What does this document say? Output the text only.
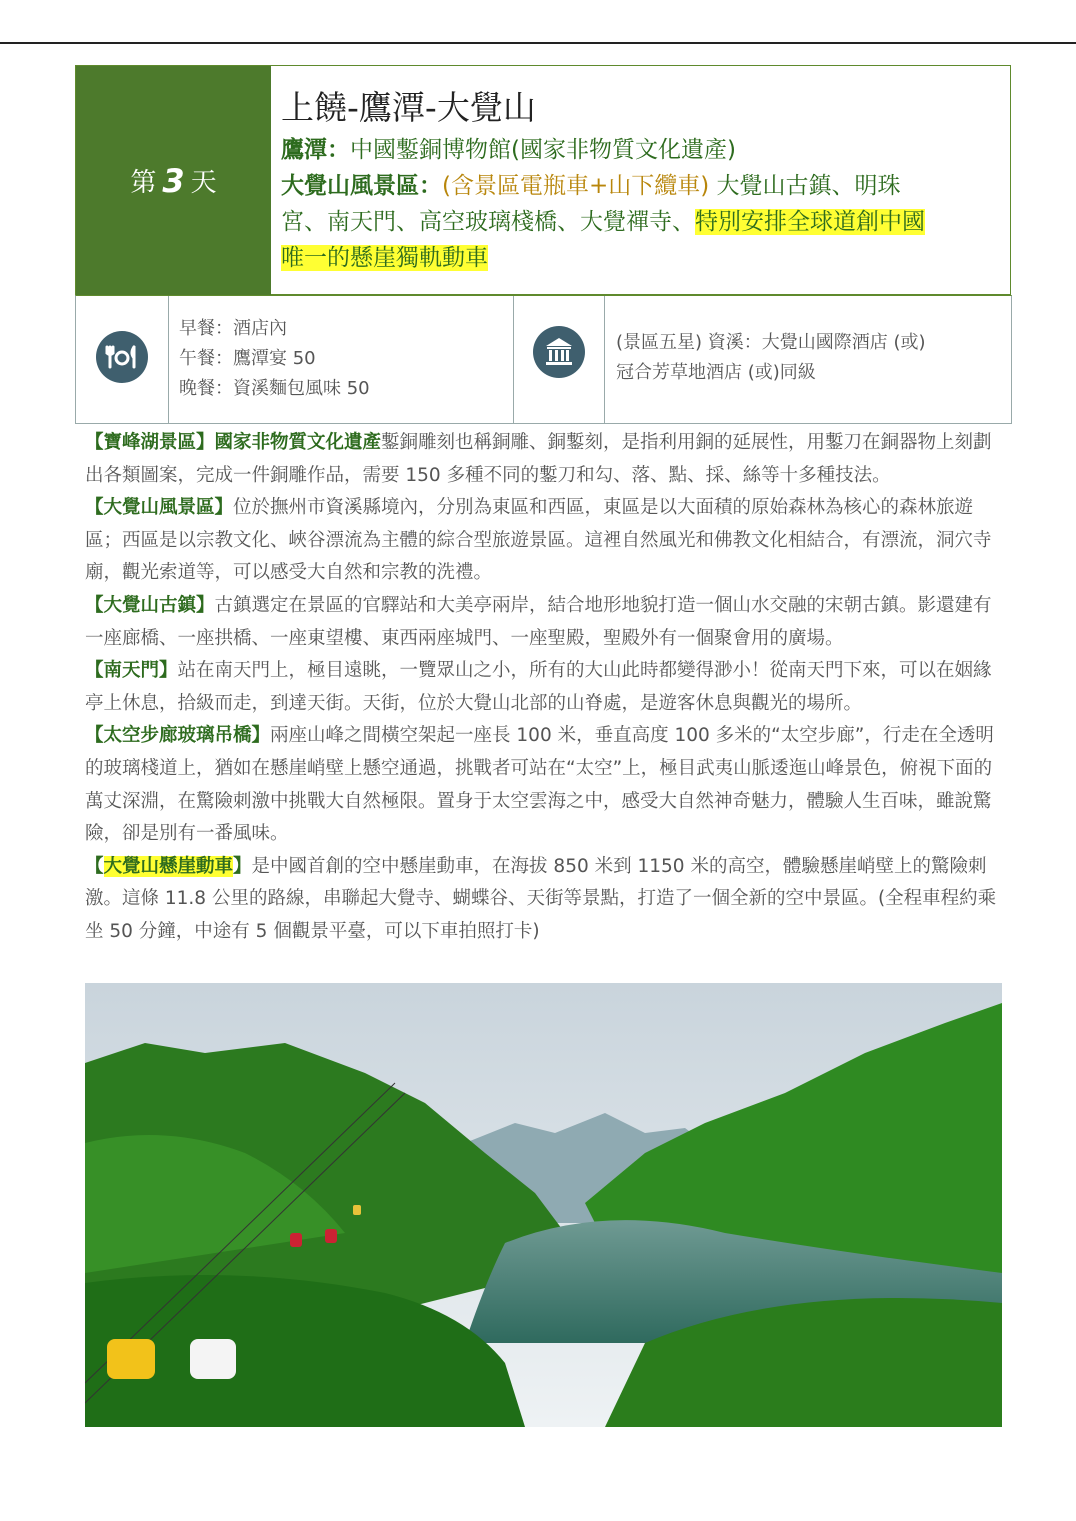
第 3 天
上饒-鷹潭-大覺山
鷹潭：中國鏨銅博物館(國家非物質文化遺產)
大覺山風景區：(含景區電瓶車+山下纜車) 大覺山古鎮、明珠
宮、南天門、高空玻璃棧橋、大覺禪寺、特別安排全球道創中國
唯一的懸崖獨軌動車
早餐：酒店內
午餐：鷹潭宴 50
晚餐：資溪麵包風味 50
(景區五星) 資溪：大覺山國際酒店 (或)
冠合芳草地酒店 (或)同級

【寶峰湖景區】國家非物質文化遺產鏨銅雕刻也稱銅雕、銅鏨刻，是指利用銅的延展性，用鏨刀在銅器物上刻劃出各類圖案，完成一件銅雕作品，需要 150 多種不同的鏨刀和勾、落、點、採、絲等十多種技法。

【大覺山風景區】位於撫州市資溪縣境內，分別為東區和西區，東區是以大面積的原始森林為核心的森林旅遊區；西區是以宗教文化、峽谷漂流為主體的綜合型旅遊景區。這裡自然風光和佛教文化相結合，有漂流，洞穴寺廟，觀光索道等，可以感受大自然和宗教的洗禮。

【大覺山古鎮】古鎮選定在景區的官驛站和大美亭兩岸，結合地形地貌打造一個山水交融的宋朝古鎮。影還建有一座廊橋、一座拱橋、一座東望樓、東西兩座城門、一座聖殿，聖殿外有一個聚會用的廣場。

【南天門】站在南天門上，極目遠眺，一覽眾山之小，所有的大山此時都變得渺小！從南天門下來，可以在姻緣亭上休息，拾級而走，到達天街。天街，位於大覺山北部的山脊處，是遊客休息與觀光的場所。

【太空步廊玻璃吊橋】兩座山峰之間橫空架起一座長 100 米，垂直高度 100 多米的“太空步廊”，行走在全透明的玻璃棧道上，猶如在懸崖峭壁上懸空通過，挑戰者可站在“太空”上，極目武夷山脈逶迤山峰景色，俯視下面的萬丈深淵，在驚險刺激中挑戰大自然極限。置身于太空雲海之中，感受大自然神奇魅力，體驗人生百味，雖說驚險，卻是別有一番風味。

【大覺山懸崖動車】是中國首創的空中懸崖動車，在海拔 850 米到 1150 米的高空，體驗懸崖峭壁上的驚險刺激。這條 11.8 公里的路線，串聯起大覺寺、蝴蝶谷、天街等景點，打造了一個全新的空中景區。(全程車程約乘坐 50 分鐘，中途有 5 個觀景平臺，可以下車拍照打卡)
